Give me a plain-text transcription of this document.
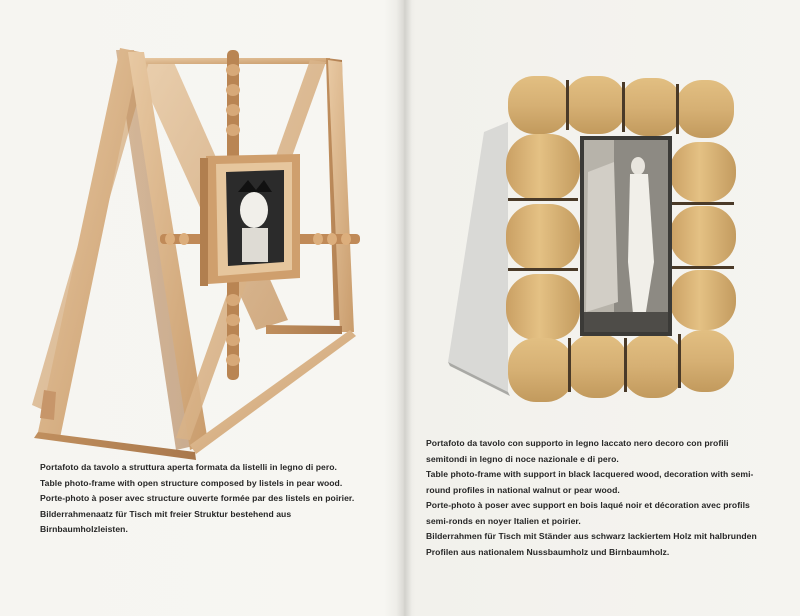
Portafoto da tavolo a struttura aperta formata da listelli in legno di pero.

Table photo-frame with open structure composed by listels in pear wood.

Porte-photo à poser avec structure ouverte formée par des listels en poirier.

Bilderrahmenaatz für Tisch mit freier Struktur bestehend aus

Birnbaumholzleisten.

Portafoto da tavolo con supporto in legno laccato nero decoro con profili

semitondi in legno di noce nazionale e di pero.

Table photo-frame with support in black lacquered wood, decoration with semi-

round profiles in national walnut or pear wood.

Porte-photo à poser avec support en bois laqué noir et décoration avec profils

semi-ronds en noyer Italien et poirier.

Bilderrahmen für Tisch mit Ständer aus schwarz lackiertem Holz mit halbrunden

Profilen aus nationalem Nussbaumholz und Birnbaumholz.
